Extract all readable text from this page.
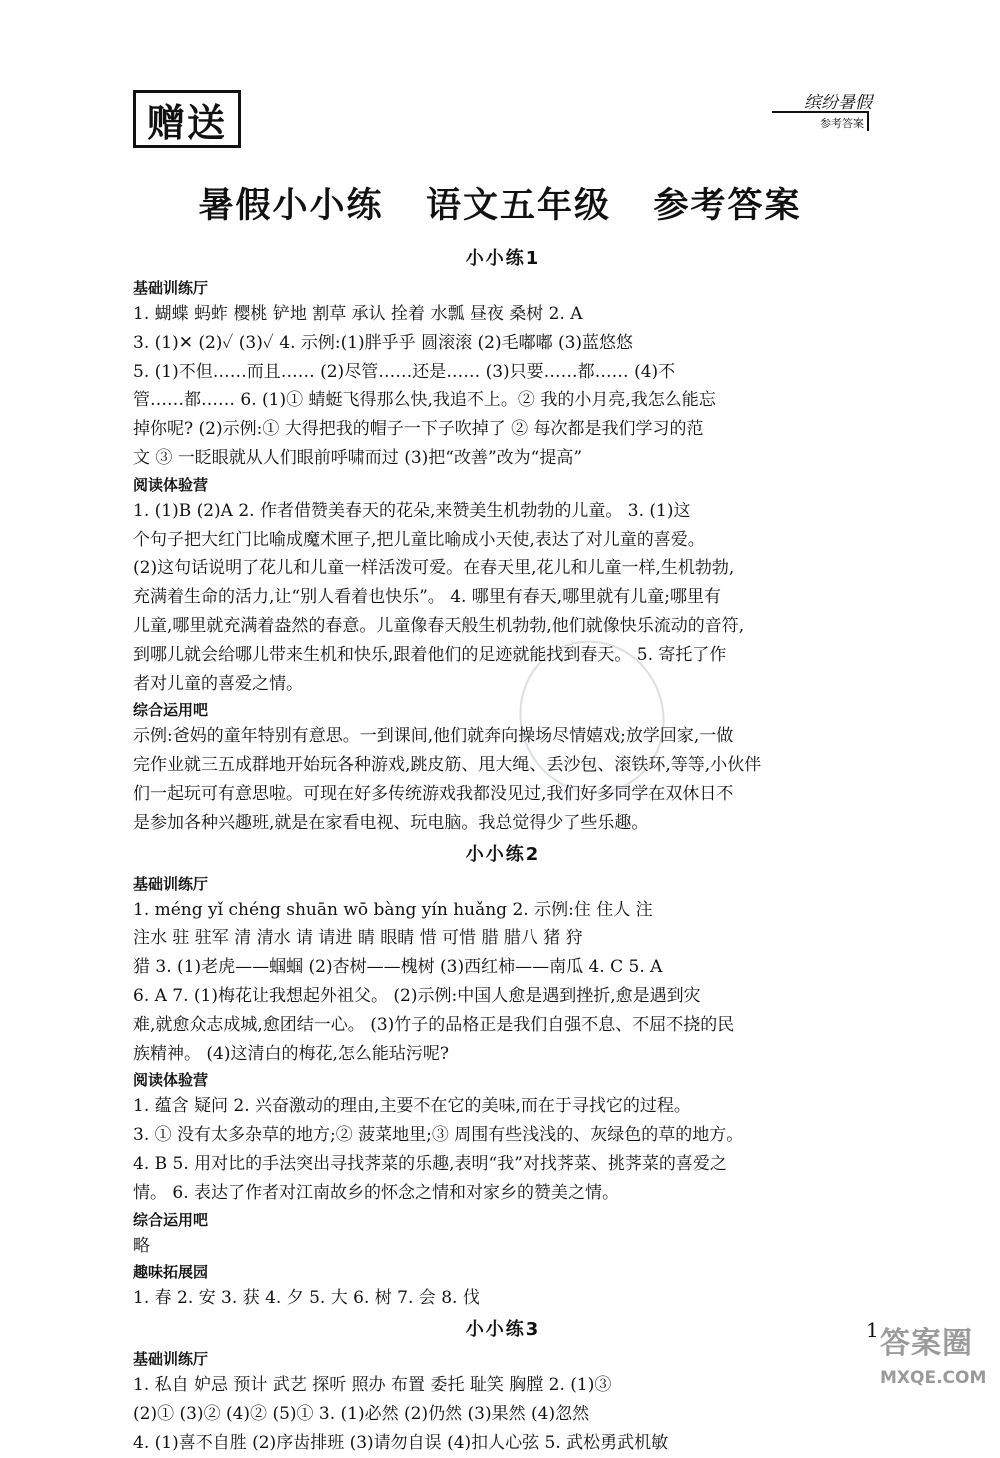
赠送	缤纷暑假
参考答案
暑假小小练   语文五年级   参考答案
小小练1
基础训练厅
1. 蝴蝶 蚂蚱 樱桃 铲地 割草 承认 拴着 水瓢 昼夜 桑树 2. A
3. (1)✕ (2)✓ (3)✓ 4. 示例:(1)胖乎乎 圆滚滚 (2)毛嘟嘟 (3)蓝悠悠
5. (1)不但……而且…… (2)尽管……还是…… (3)只要……都…… (4)不
管……都…… 6. (1)① 蜻蜓飞得那么快,我追不上。② 我的小月亮,我怎么能忘
掉你呢? (2)示例:① 大得把我的帽子一下子吹掉了 ② 每次都是我们学习的范
文 ③ 一眨眼就从人们眼前呼啸而过 (3)把“改善”改为“提高”
阅读体验营
1. (1)B (2)A 2. 作者借赞美春天的花朵,来赞美生机勃勃的儿童。 3. (1)这
个句子把大红门比喻成魔术匣子,把儿童比喻成小天使,表达了对儿童的喜爱。
(2)这句话说明了花儿和儿童一样活泼可爱。在春天里,花儿和儿童一样,生机勃勃,
充满着生命的活力,让“别人看着也快乐”。 4. 哪里有春天,哪里就有儿童;哪里有
儿童,哪里就充满着盎然的春意。儿童像春天般生机勃勃,他们就像快乐流动的音符,
到哪儿就会给哪儿带来生机和快乐,跟着他们的足迹就能找到春天。 5. 寄托了作
者对儿童的喜爱之情。
综合运用吧
示例:爸妈的童年特别有意思。一到课间,他们就奔向操场尽情嬉戏;放学回家,一做
完作业就三五成群地开始玩各种游戏,跳皮筋、甩大绳、丢沙包、滚铁环,等等,小伙伴
们一起玩可有意思啦。可现在好多传统游戏我都没见过,我们好多同学在双休日不
是参加各种兴趣班,就是在家看电视、玩电脑。我总觉得少了些乐趣。
小小练2
基础训练厅
1. méng yǐ chéng shuān wō bàng yín huǎng 2. 示例:住 住人 注
注水 驻 驻军 清 清水 请 请进 睛 眼睛 惜 可惜 腊 腊八 猪 狩
猎 3. (1)老虎——蝈蝈 (2)杏树——槐树 (3)西红柿——南瓜 4. C 5. A
6. A 7. (1)梅花让我想起外祖父。 (2)示例:中国人愈是遇到挫折,愈是遇到灾
难,就愈众志成城,愈团结一心。 (3)竹子的品格正是我们自强不息、不屈不挠的民
族精神。 (4)这清白的梅花,怎么能玷污呢?
阅读体验营
1. 蕴含 疑问 2. 兴奋激动的理由,主要不在它的美味,而在于寻找它的过程。
3. ① 没有太多杂草的地方;② 菠菜地里;③ 周围有些浅浅的、灰绿色的草的地方。
4. B 5. 用对比的手法突出寻找荠菜的乐趣,表明“我”对找荠菜、挑荠菜的喜爱之
情。 6. 表达了作者对江南故乡的怀念之情和对家乡的赞美之情。
综合运用吧
略
趣味拓展园
1. 春 2. 安 3. 获 4. 夕 5. 大 6. 树 7. 会 8. 伐
小小练3
基础训练厅
1. 私自 妒忌 预计 武艺 探听 照办 布置 委托 耻笑 胸膛 2. (1)③
(2)① (3)② (4)② (5)① 3. (1)必然 (2)仍然 (3)果然 (4)忽然
4. (1)喜不自胜 (2)序齿排班 (3)请勿自误 (4)扣人心弦 5. 武松勇武机敏
1 答案圈
MXQE.COM
